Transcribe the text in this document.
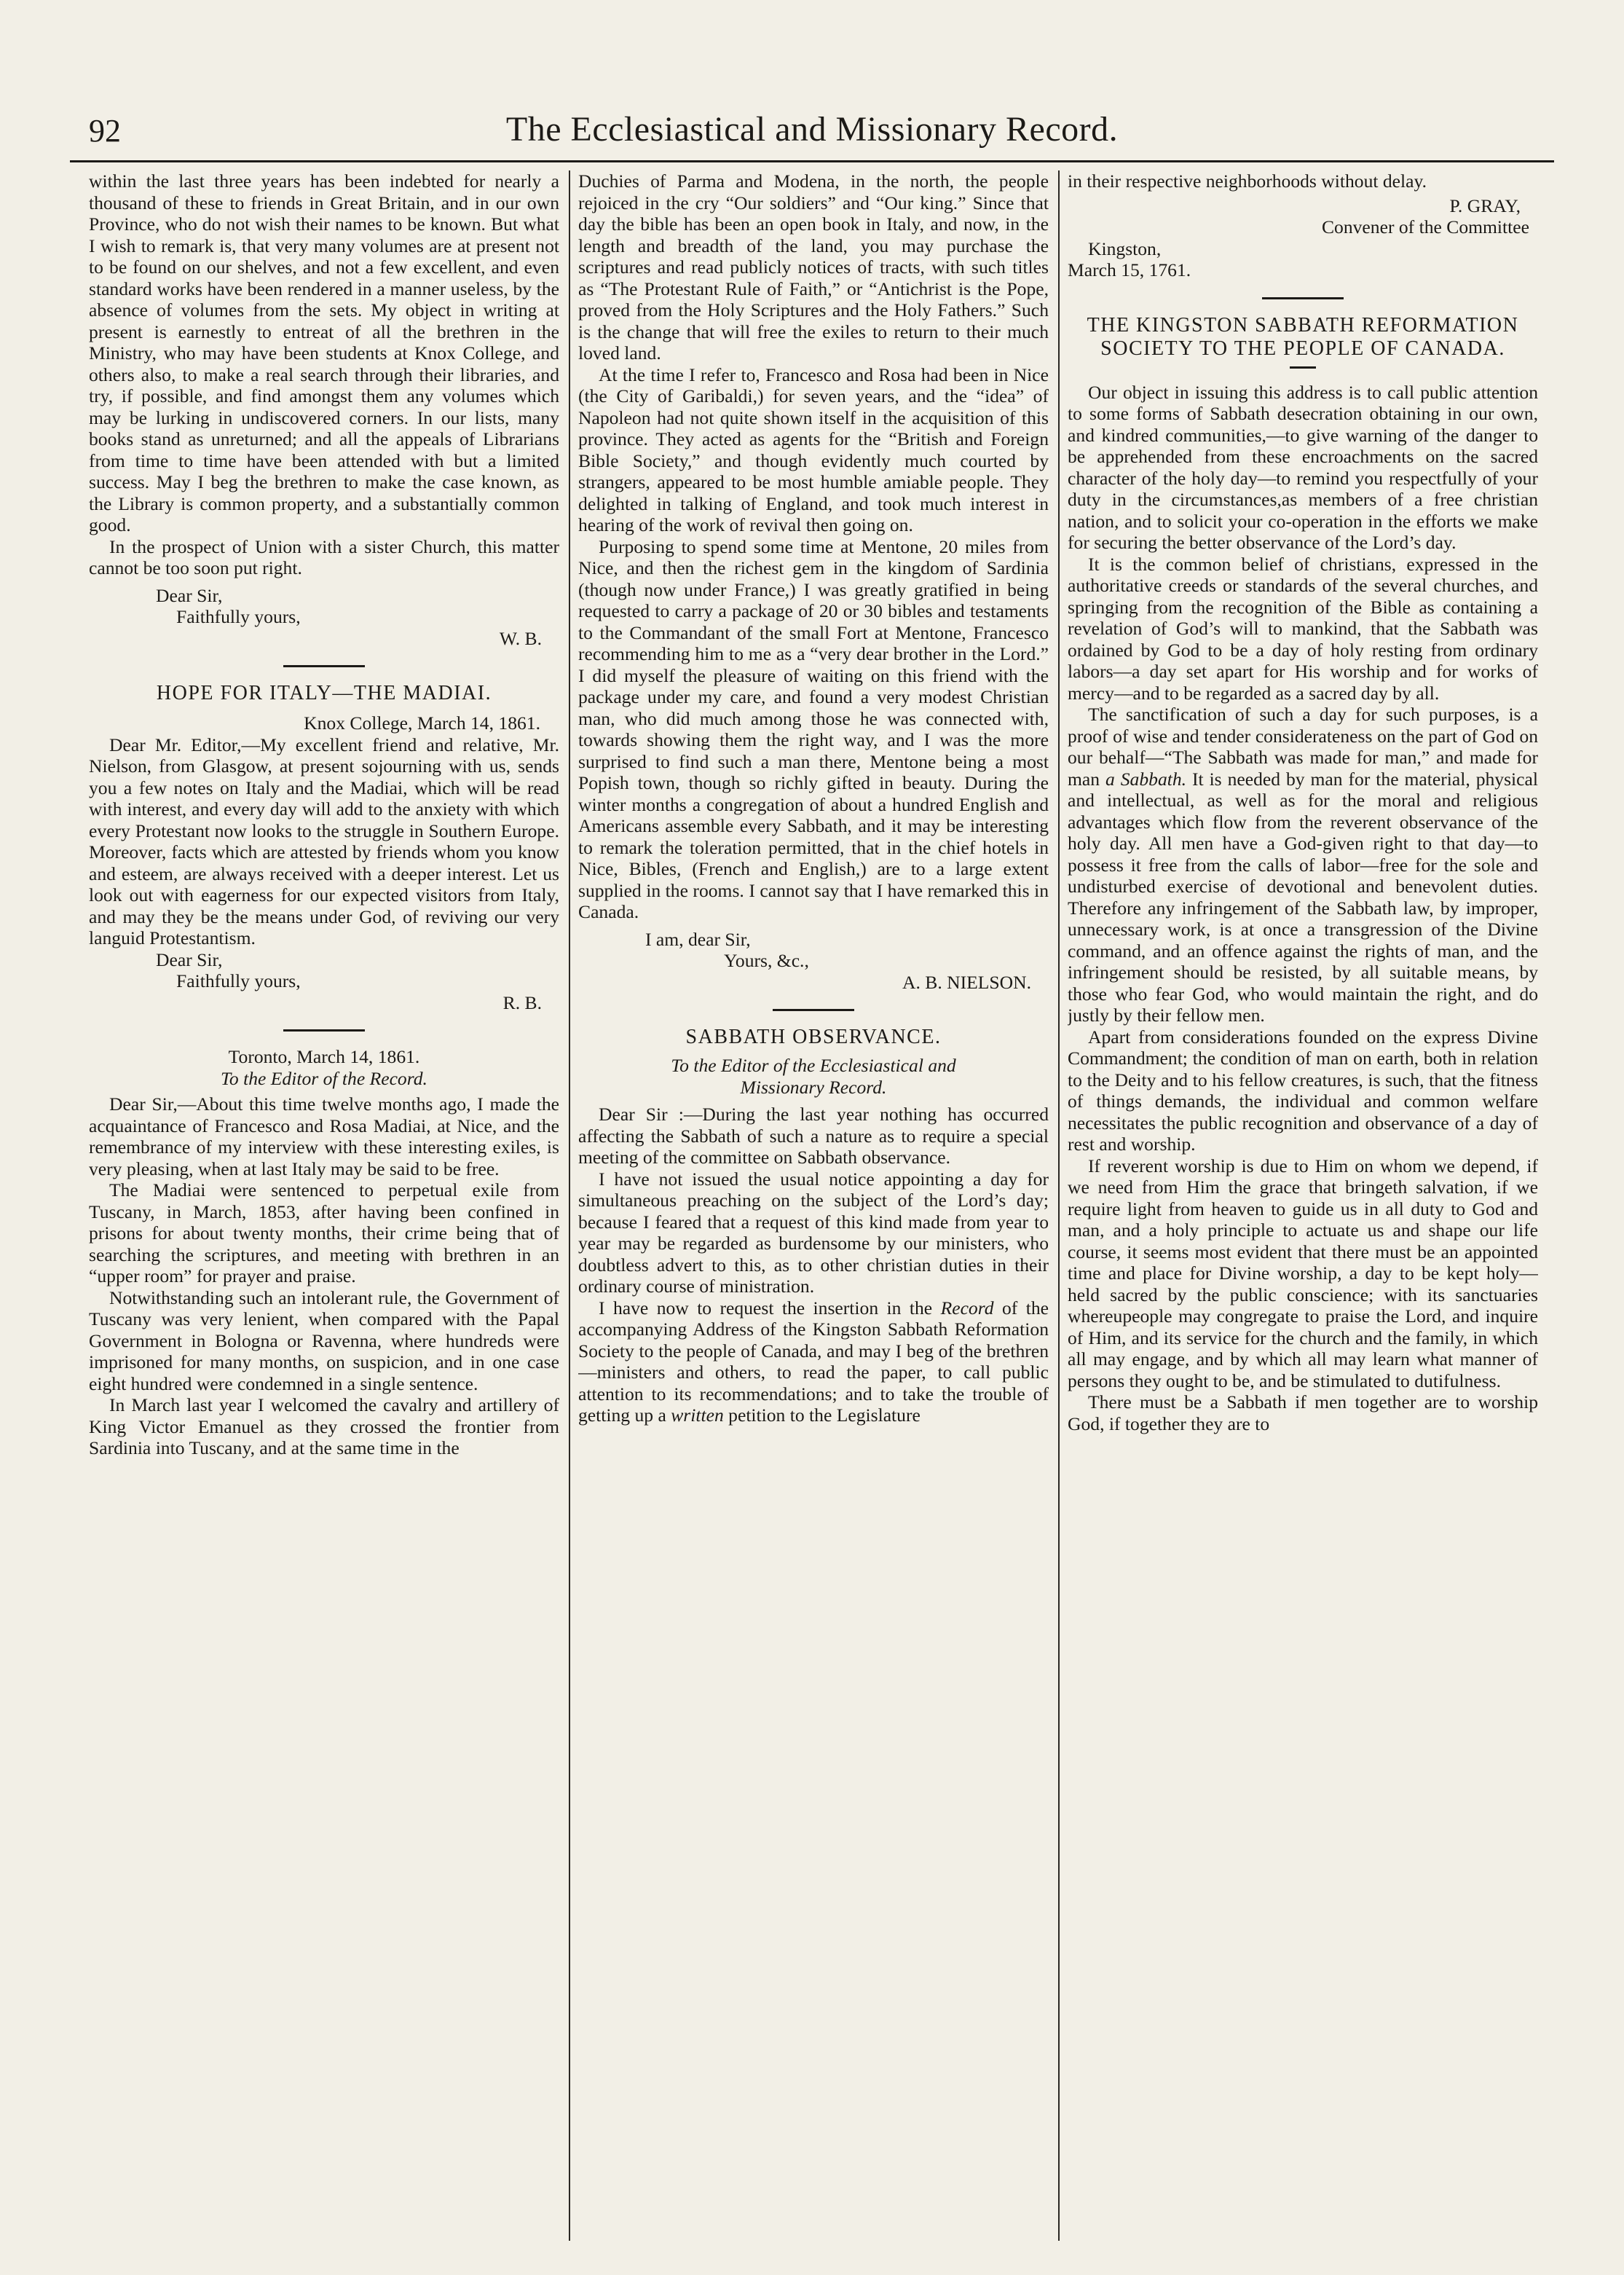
92	The Ecclesiastical and Missionary Record.

within the last three years has been indebted for nearly a thousand of these to friends in Great Britain, and in our own Province, who do not wish their names to be known. But what I wish to remark is, that very many volumes are at present not to be found on our shelves, and not a few excellent, and even standard works have been rendered in a manner useless, by the absence of volumes from the sets. My object in writing at present is earnestly to entreat of all the brethren in the Ministry, who may have been students at Knox College, and others also, to make a real search through their libraries, and try, if possible, and find amongst them any volumes which may be lurking in undiscovered corners. In our lists, many books stand as unreturned; and all the appeals of Librarians from time to time have been attended with but a limited success. May I beg the brethren to make the case known, as the Library is common property, and a substantially common good.

In the prospect of Union with a sister Church, this matter cannot be too soon put right.

Dear Sir,
Faithfully yours,
W. B.
HOPE FOR ITALY—THE MADIAI.
Knox College, March 14, 1861.

Dear Mr. Editor,—My excellent friend and relative, Mr. Nielson, from Glasgow, at present sojourning with us, sends you a few notes on Italy and the Madiai, which will be read with interest, and every day will add to the anxiety with which every Protestant now looks to the struggle in Southern Europe. Moreover, facts which are attested by friends whom you know and esteem, are always received with a deeper interest. Let us look out with eagerness for our expected visitors from Italy, and may they be the means under God, of reviving our very languid Protestantism.

Dear Sir,
Faithfully yours,
R. B.
Toronto, March 14, 1861.
To the Editor of the Record.

Dear Sir,—About this time twelve months ago, I made the acquaintance of Francesco and Rosa Madiai, at Nice, and the remembrance of my interview with these interesting exiles, is very pleasing, when at last Italy may be said to be free.

The Madiai were sentenced to perpetual exile from Tuscany, in March, 1853, after having been confined in prisons for about twenty months, their crime being that of searching the scriptures, and meeting with brethren in an “upper room” for prayer and praise.

Notwithstanding such an intolerant rule, the Government of Tuscany was very lenient, when compared with the Papal Government in Bologna or Ravenna, where hundreds were imprisoned for many months, on suspicion, and in one case eight hundred were condemned in a single sentence.

In March last year I welcomed the cavalry and artillery of King Victor Emanuel as they crossed the frontier from Sardinia into Tuscany, and at the same time in the

Duchies of Parma and Modena, in the north, the people rejoiced in the cry “Our soldiers” and “Our king.” Since that day the bible has been an open book in Italy, and now, in the length and breadth of the land, you may purchase the scriptures and read publicly notices of tracts, with such titles as “The Protestant Rule of Faith,” or “Antichrist is the Pope, proved from the Holy Scriptures and the Holy Fathers.” Such is the change that will free the exiles to return to their much loved land.

At the time I refer to, Francesco and Rosa had been in Nice (the City of Garibaldi,) for seven years, and the “idea” of Napoleon had not quite shown itself in the acquisition of this province. They acted as agents for the “British and Foreign Bible Society,” and though evidently much courted by strangers, appeared to be most humble amiable people. They delighted in talking of England, and took much interest in hearing of the work of revival then going on.

Purposing to spend some time at Mentone, 20 miles from Nice, and then the richest gem in the kingdom of Sardinia (though now under France,) I was greatly gratified in being requested to carry a package of 20 or 30 bibles and testaments to the Commandant of the small Fort at Mentone, Francesco recommending him to me as a “very dear brother in the Lord.” I did myself the pleasure of waiting on this friend with the package under my care, and found a very modest Christian man, who did much among those he was connected with, towards showing them the right way, and I was the more surprised to find such a man there, Mentone being a most Popish town, though so richly gifted in beauty. During the winter months a congregation of about a hundred English and Americans assemble every Sabbath, and it may be interesting to remark the toleration permitted, that in the chief hotels in Nice, Bibles, (French and English,) are to a large extent supplied in the rooms. I cannot say that I have remarked this in Canada.

I am, dear Sir,
Yours, &c.,
A. B. NIELSON.
SABBATH OBSERVANCE.
To the Editor of the Ecclesiastical and
Missionary Record.

Dear Sir :—During the last year nothing has occurred affecting the Sabbath of such a nature as to require a special meeting of the committee on Sabbath observance.

I have not issued the usual notice appointing a day for simultaneous preaching on the subject of the Lord’s day; because I feared that a request of this kind made from year to year may be regarded as burdensome by our ministers, who doubtless advert to this, as to other christian duties in their ordinary course of ministration.

I have now to request the insertion in the Record of the accompanying Address of the Kingston Sabbath Reformation Society to the people of Canada, and may I beg of the brethren—ministers and others, to read the paper, to call public attention to its recommendations; and to take the trouble of getting up a written petition to the Legislature

in their respective neighborhoods without delay.

P. GRAY,
Convener of the Committee
Kingston,
March 15, 1761.
THE KINGSTON SABBATH REFORMATION SOCIETY TO THE PEOPLE OF CANADA.

Our object in issuing this address is to call public attention to some forms of Sabbath desecration obtaining in our own, and kindred communities,—to give warning of the danger to be apprehended from these encroachments on the sacred character of the holy day—to remind you respectfully of your duty in the circumstances,as members of a free christian nation, and to solicit your co-operation in the efforts we make for securing the better observance of the Lord’s day.

It is the common belief of christians, expressed in the authoritative creeds or standards of the several churches, and springing from the recognition of the Bible as containing a revelation of God’s will to mankind, that the Sabbath was ordained by God to be a day of holy resting from ordinary labors—a day set apart for His worship and for works of mercy—and to be regarded as a sacred day by all.

The sanctification of such a day for such purposes, is a proof of wise and tender considerateness on the part of God on our behalf—“The Sabbath was made for man,” and made for man a Sabbath. It is needed by man for the material, physical and intellectual, as well as for the moral and religious advantages which flow from the reverent observance of the holy day. All men have a God-given right to that day—to possess it free from the calls of labor—free for the sole and undisturbed exercise of devotional and benevolent duties. Therefore any infringement of the Sabbath law, by improper, unnecessary work, is at once a transgression of the Divine command, and an offence against the rights of man, and the infringement should be resisted, by all suitable means, by those who fear God, who would maintain the right, and do justly by their fellow men.

Apart from considerations founded on the express Divine Commandment; the condition of man on earth, both in relation to the Deity and to his fellow creatures, is such, that the fitness of things demands, the individual and common welfare necessitates the public recognition and observance of a day of rest and worship.

If reverent worship is due to Him on whom we depend, if we need from Him the grace that bringeth salvation, if we require light from heaven to guide us in all duty to God and man, and a holy principle to actuate us and shape our life course, it seems most evident that there must be an appointed time and place for Divine worship, a day to be kept holy—held sacred by the public conscience; with its sanctuaries whereupeople may congregate to praise the Lord, and inquire of Him, and its service for the church and the family, in which all may engage, and by which all may learn what manner of persons they ought to be, and be stimulated to dutifulness.

There must be a Sabbath if men together are to worship God, if together they are to
